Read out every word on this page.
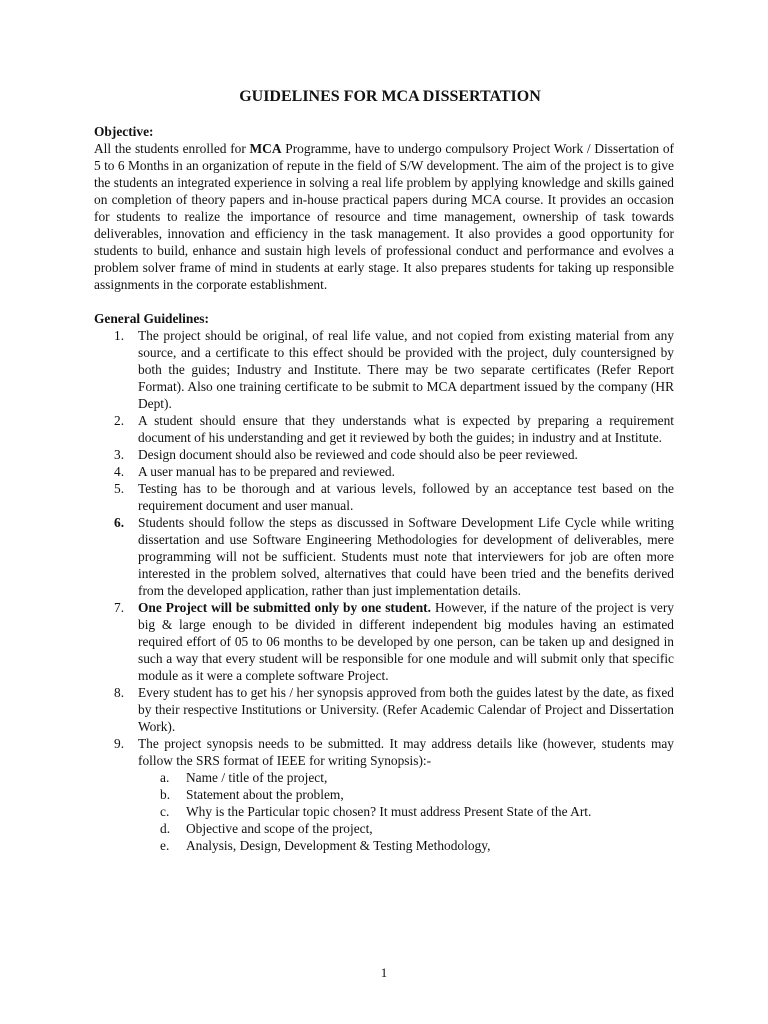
GUIDELINES FOR MCA DISSERTATION
Objective:

All the students enrolled for MCA Programme, have to undergo compulsory Project Work / Dissertation of 5 to 6 Months in an organization of repute in the field of S/W development. The aim of the project is to give the students an integrated experience in solving a real life problem by applying knowledge and skills gained on completion of theory papers and in-house practical papers during MCA course. It provides an occasion for students to realize the importance of resource and time management, ownership of task towards deliverables, innovation and efficiency in the task management. It also provides a good opportunity for students to build, enhance and sustain high levels of professional conduct and performance and evolves a problem solver frame of mind in students at early stage. It also prepares students for taking up responsible assignments in the corporate establishment.

General Guidelines:
1. The project should be original, of real life value, and not copied from existing material from any source, and a certificate to this effect should be provided with the project, duly countersigned by both the guides; Industry and Institute. There may be two separate certificates (Refer Report Format). Also one training certificate to be submit to MCA department issued by the company (HR Dept).
2. A student should ensure that they understands what is expected by preparing a requirement document of his understanding and get it reviewed by both the guides; in industry and at Institute.
3. Design document should also be reviewed and code should also be peer reviewed.
4. A user manual has to be prepared and reviewed.
5. Testing has to be thorough and at various levels, followed by an acceptance test based on the requirement document and user manual.
6. Students should follow the steps as discussed in Software Development Life Cycle while writing dissertation and use Software Engineering Methodologies for development of deliverables, mere programming will not be sufficient. Students must note that interviewers for job are often more interested in the problem solved, alternatives that could have been tried and the benefits derived from the developed application, rather than just implementation details.
7. One Project will be submitted only by one student. However, if the nature of the project is very big & large enough to be divided in different independent big modules having an estimated required effort of 05 to 06 months to be developed by one person, can be taken up and designed in such a way that every student will be responsible for one module and will submit only that specific module as it were a complete software Project.
8. Every student has to get his / her synopsis approved from both the guides latest by the date, as fixed by their respective Institutions or University. (Refer Academic Calendar of Project and Dissertation Work).
9. The project synopsis needs to be submitted. It may address details like (however, students may follow the SRS format of IEEE for writing Synopsis):-
a. Name / title of the project,
b. Statement about the problem,
c. Why is the Particular topic chosen? It must address Present State of the Art.
d. Objective and scope of the project,
e. Analysis, Design, Development & Testing Methodology,
1
